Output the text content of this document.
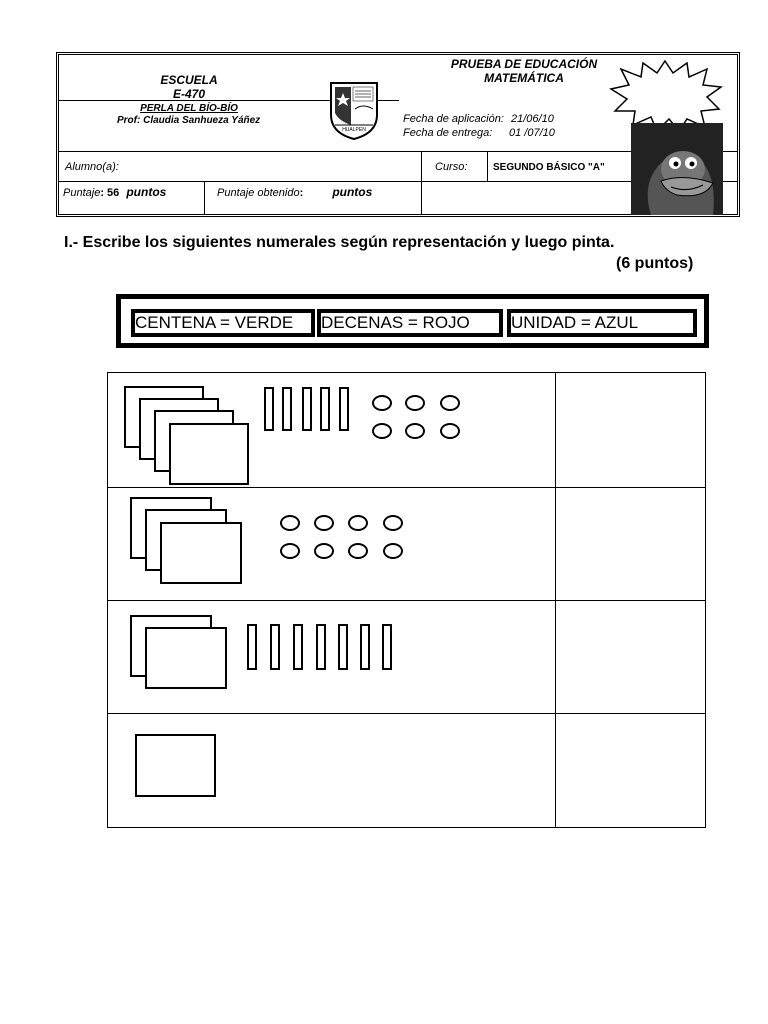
ESCUELA
E-470
PERLA DEL BÍO-BÍO
Prof: Claudia Sanhueza Yáñez
HUALPEN
PRUEBA DE EDUCACIÓN
MATEMÁTICA
Fecha de aplicación: 21/06/10
Fecha de entrega: 01 /07/10
Alumno(a):	Curso:	SEGUNDO BÁSICO "A"
Puntaje: 56 puntos	Puntaje obtenido: puntos
I.- Escribe los siguientes numerales según representación y luego pinta.
(6 puntos)
CENTENA = VERDE	DECENAS = ROJO	UNIDAD = AZUL
